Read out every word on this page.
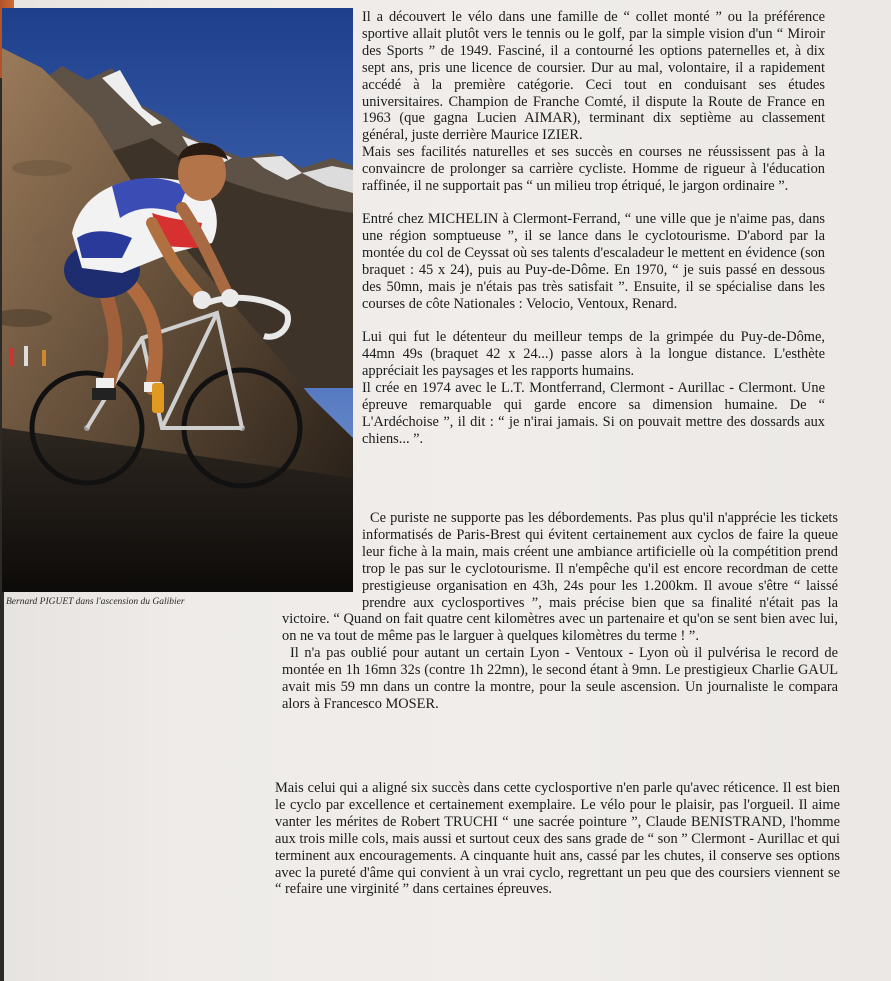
Bernard PIGUET dans l'ascension du Galibier

Il a découvert le vélo dans une famille de “ collet monté ” ou la préférence sportive allait plutôt vers le tennis ou le golf, par la simple vision d'un “ Miroir des Sports ” de 1949. Fasciné, il a contourné les options paternelles et, à dix sept ans, pris une licence de coursier. Dur au mal, volontaire, il a rapidement accédé à la première catégorie. Ceci tout en conduisant ses études universitaires. Champion de Franche Comté, il dispute la Route de France en 1963 (que gagna Lucien AIMAR), terminant dix septième au classement général, juste derrière Maurice IZIER.

Mais ses facilités naturelles et ses succès en courses ne réussissent pas à la convaincre de prolonger sa carrière cycliste. Homme de rigueur à l'éducation raffinée, il ne supportait pas “ un milieu trop étriqué, le jargon ordinaire ”.

Entré chez MICHELIN à Clermont-Ferrand, “ une ville que je n'aime pas, dans une région somptueuse ”, il se lance dans le cyclotourisme. D'abord par la montée du col de Ceyssat où ses talents d'escaladeur le mettent en évidence (son braquet : 45 x 24), puis au Puy-de-Dôme. En 1970, “ je suis passé en dessous des 50mn, mais je n'étais pas très satisfait ”. Ensuite, il se spécialise dans les courses de côte Nationales : Velocio, Ventoux, Renard.

Lui qui fut le détenteur du meilleur temps de la grimpée du Puy-de-Dôme, 44mn 49s (braquet 42 x 24...) passe alors à la longue distance. L'esthète appréciait les paysages et les rapports humains.

Il crée en 1974 avec le L.T. Montferrand, Clermont - Aurillac - Clermont. Une épreuve remarquable qui garde encore sa dimension humaine. De “ L'Ardéchoise ”, il dit : “ je n'irai jamais. Si on pouvait mettre des dossards aux chiens... ”.

Ce puriste ne supporte pas les débordements. Pas plus qu'il n'apprécie les tickets informatisés de Paris-Brest qui évitent certainement aux cyclos de faire la queue leur fiche à la main, mais créent une ambiance artificielle où la compétition prend trop le pas sur le cyclotourisme. Il n'empêche qu'il est encore recordman de cette prestigieuse organisation en 43h, 24s pour les 1.200km. Il avoue s'être “ laissé prendre aux cyclosportives ”, mais précise bien que sa finalité n'était pas la victoire. “ Quand on fait quatre cent kilomètres avec un partenaire et qu'on se sent bien avec lui, on ne va tout de même pas le larguer à quelques kilomètres du terme ! ”.

Il n'a pas oublié pour autant un certain Lyon - Ventoux - Lyon où il pulvérisa le record de montée en 1h 16mn 32s (contre 1h 22mn), le second étant à 9mn. Le prestigieux Charlie GAUL avait mis 59 mn dans un contre la montre, pour la seule ascension. Un journaliste le compara alors à Francesco MOSER.

Mais celui qui a aligné six succès dans cette cyclosportive n'en parle qu'avec réticence. Il est bien le cyclo par excellence et certainement exemplaire. Le vélo pour le plaisir, pas l'orgueil. Il aime vanter les mérites de Robert TRUCHI “ une sacrée pointure ”, Claude BENISTRAND, l'homme aux trois mille cols, mais aussi et surtout ceux des sans grade de “ son ” Clermont - Aurillac et qui terminent aux encouragements. A cinquante huit ans, cassé par les chutes, il conserve ses options avec la pureté d'âme qui convient à un vrai cyclo, regrettant un peu que des coursiers viennent se “ refaire une virginité ” dans certaines épreuves.
